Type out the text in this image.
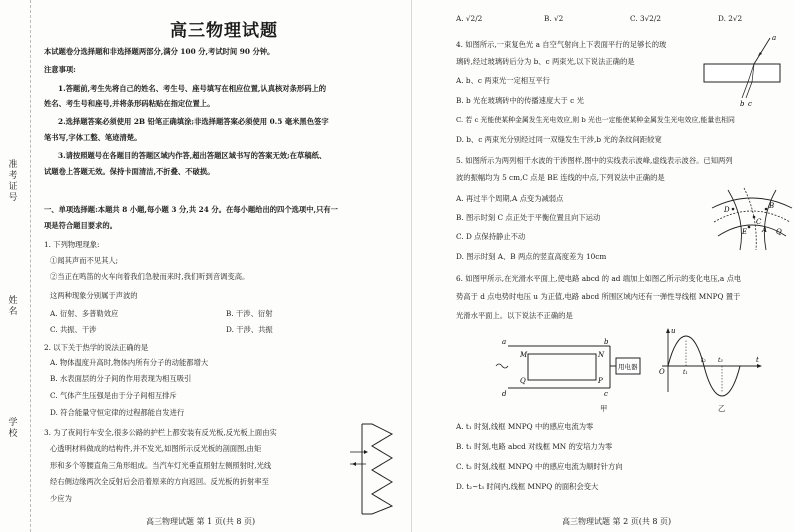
准考证号
姓名
学校
高三物理试题
本试题卷分选择题和非选择题两部分,满分 100 分,考试时间 90 分钟。
注意事项:
1.答题前,考生先将自己的姓名、考生号、座号填写在相应位置,认真核对条形码上的
姓名、考生号和座号,并将条形码粘贴在指定位置上。
2.选择题答案必须使用 2B 铅笔正确填涂;非选择题答案必须使用 0.5 毫米黑色签字
笔书写,字体工整、笔迹清楚。
3.请按照题号在各题目的答题区域内作答,超出答题区域书写的答案无效;在草稿纸、
试题卷上答题无效。保持卡面清洁,不折叠、不破损。
一、单项选择题:本题共 8 小题,每小题 3 分,共 24 分。在每小题给出的四个选项中,只有一
项是符合题目要求的。
1. 下列物理现象:
①闻其声而不见其人;
②当正在鸣笛的火车向着我们急驶而来时,我们听到音调变高。
这两种现象分别属于声波的
A. 衍射、多普勒效应	B. 干涉、衍射
C. 共振、干涉	D. 干涉、共振
2. 以下关于热学的说法正确的是
A. 物体温度升高时,物体内所有分子的动能都增大
B. 水表面层的分子间的作用表现为相互吸引
C. 气体产生压强是由于分子间相互排斥
D. 符合能量守恒定律的过程都能自发进行
3. 为了夜间行车安全,很多公路的护栏上都安装有反光板,反光板上面由实
心透明材料做成的结构件,并不发光,如图所示反光板的剖面图,由矩
形和多个等腰直角三角形组成。当汽车灯光垂直照射左侧照射时,光线
经右侧边缘两次全反射后会沿着原来的方向返回。反光板的折射率至
少应为
高三物理试题 第 1 页(共 8 页)
A. √2/2	B. √2	C. 3√2/2	D. 2√2
4. 如图所示,一束复色光 a 自空气射向上下表面平行的足够长的玻
璃砖,经过玻璃砖后分为 b、c 两束光,以下说法正确的是
A. b、c 两束光一定相互平行
B. b 光在玻璃砖中的传播速度大于 c 光
C. 若 c 光能使某种金属发生光电效应,则 b 光也一定能使某种金属发生光电效应,能量也相同
D. b、c 两束光分别经过同一双缝发生干涉,b 光的条纹间距较宽
a
b c
5. 如图所示为两列相干水波的干涉图样,图中的实线表示波峰,虚线表示波谷。已知两列
波的振幅均为 5 cm,C 点是 BE 连线的中点,下列说法中正确的是
A. 再过半个周期,A 点变为减弱点
B. 图示时刻 C 点正处于平衡位置且向下运动
C. D 点保持静止不动
D. 图示时刻 A、B 两点的竖直高度差为 10cm
D	B
C
E A Q
6. 如图甲所示,在光滑水平面上,使电路 abcd 的 ad 端加上如图乙所示的变化电压,a 点电
势高于 d 点电势时电压 u 为正值,电路 abcd 所围区域内还有一弹性导线框 MNPQ 置于
光滑水平面上。以下说法不正确的是
a
d
b
c
M	N
Q	P
用电器
u
O
t
t₁
t₂ t₃
甲	乙
A. t₁ 时刻,线框 MNPQ 中的感应电流为零
B. t₁ 时刻,电路 abcd 对线框 MN 的安培力为零
C. t₂ 时刻,线框 MNPQ 中的感应电流为顺时针方向
D. t₂~t₃ 时间内,线框 MNPQ 的面积会变大
高三物理试题 第 2 页(共 8 页)
